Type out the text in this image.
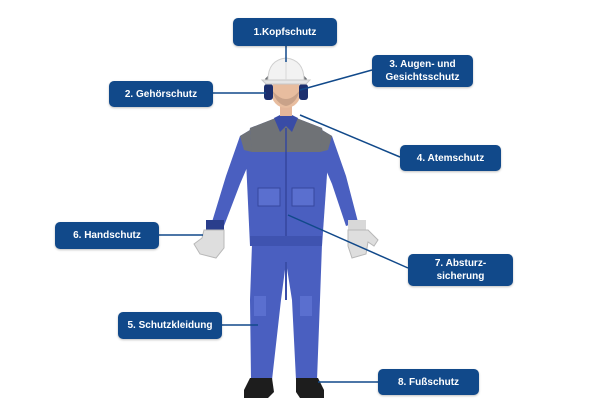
1.Kopfschutz
3. Augen- und
Gesichtsschutz
2. Gehörschutz
4. Atemschutz
6. Handschutz
7. Absturz-
sicherung
5. Schutzkleidung
8. Fußschutz
